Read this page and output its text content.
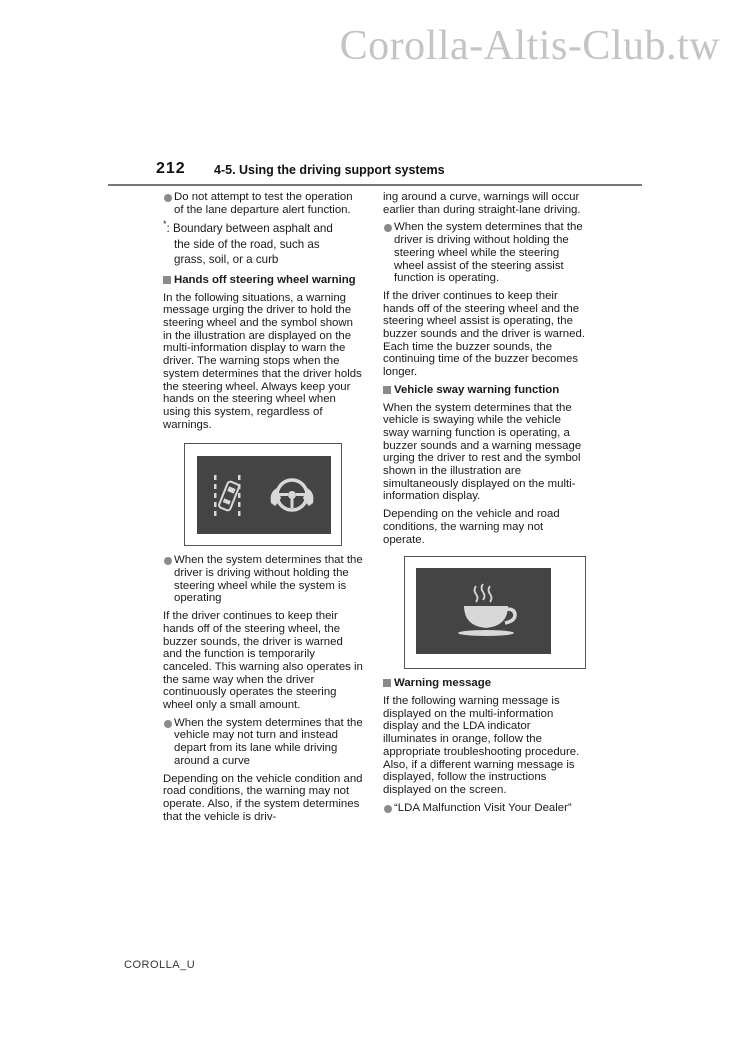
Corolla-Altis-Club.tw
212 4-5. Using the driving support systems
Do not attempt to test the operation of the lane departure alert function.
*: Boundary between asphalt and
the side of the road, such as
grass, soil, or a curb
Hands off steering wheel warning

In the following situations, a warning message urging the driver to hold the steering wheel and the symbol shown in the illustration are displayed on the multi-information display to warn the driver. The warning stops when the system determines that the driver holds the steering wheel. Always keep your hands on the steering wheel when using this system, regardless of warnings.

When the system determines that the driver is driving without holding the steering wheel while the system is operating

If the driver continues to keep their hands off of the steering wheel, the buzzer sounds, the driver is warned and the function is temporarily canceled. This warning also operates in the same way when the driver continuously operates the steering wheel only a small amount.

When the system determines that the vehicle may not turn and instead depart from its lane while driving around a curve

Depending on the vehicle condition and road conditions, the warning may not operate. Also, if the system determines that the vehicle is driv-

ing around a curve, warnings will occur earlier than during straight-lane driving.

When the system determines that the driver is driving without holding the steering wheel while the steering wheel assist of the steering assist function is operating.

If the driver continues to keep their hands off of the steering wheel and the steering wheel assist is operating, the buzzer sounds and the driver is warned. Each time the buzzer sounds, the continuing time of the buzzer becomes longer.

Vehicle sway warning function

When the system determines that the vehicle is swaying while the vehicle sway warning function is operating, a buzzer sounds and a warning message urging the driver to rest and the symbol shown in the illustration are simultaneously displayed on the multi-information display.

Depending on the vehicle and road conditions, the warning may not operate.

Warning message

If the following warning message is displayed on the multi-information display and the LDA indicator illuminates in orange, follow the appropriate troubleshooting procedure. Also, if a different warning message is displayed, follow the instructions displayed on the screen.

“LDA Malfunction Visit Your Dealer”
COROLLA_U
